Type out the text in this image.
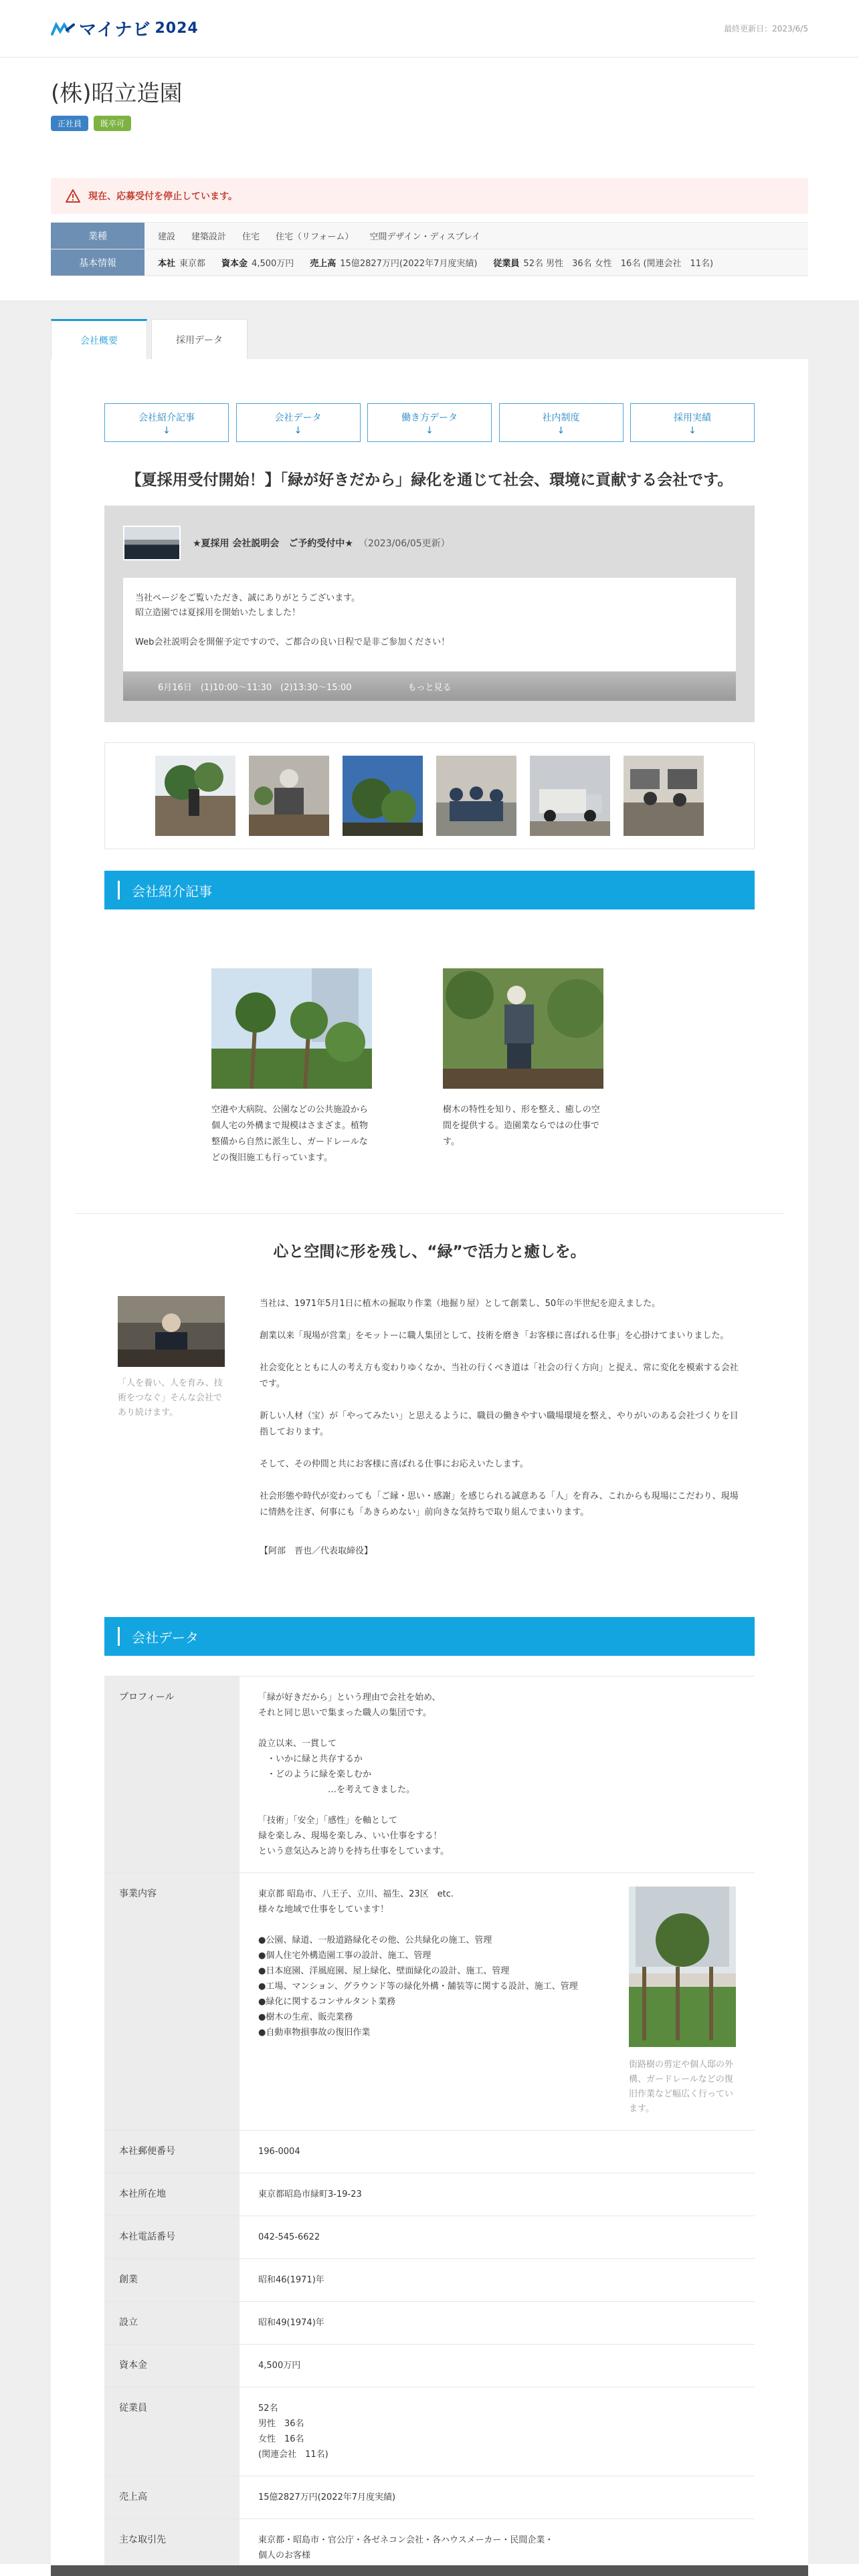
マイナビ 2024	最終更新日：2023/6/5
(株)昭立造園
正社員	既卒可
現在、応募受付を停止しています。
業種	建設 建築設計 住宅 住宅（リフォーム） 空間デザイン・ディスプレイ
基本情報	本社 東京都 資本金 4,500万円 売上高 15億2827万円(2022年7月度実績) 従業員 52名 男性　36名 女性　16名 (関連会社　11名)
会社概要	採用データ
会社紹介記事
↓
会社データ
↓
働き方データ
↓
社内制度
↓
採用実績
↓
【夏採用受付開始！】「緑が好きだから」緑化を通じて社会、環境に貢献する会社です。
★夏採用 会社説明会　ご予約受付中★ （2023/06/05更新）
当社ページをご覧いただき、誠にありがとうございます。
昭立造園では夏採用を開始いたしました！
Web会社説明会を開催予定ですので、ご都合の良い日程で是非ご参加ください！
6月16日　(1)10:00〜11:30　(2)13:30〜15:00	もっと見る
会社紹介記事
空港や大病院、公園などの公共施設から個人宅の外構まで規模はさまざま。植物整備から自然に派生し、ガードレールなどの復旧施工も行っています。
樹木の特性を知り、形を整え、癒しの空間を提供する。造園業ならではの仕事です。
心と空間に形を残し、“緑”で活力と癒しを。
「人を養い、人を育み、技術をつなぐ」そんな会社であり続けます。

当社は、1971年5月1日に植木の掘取り作業（地掘り屋）として創業し、50年の半世紀を迎えました。

創業以来「現場が営業」をモットーに職人集団として、技術を磨き「お客様に喜ばれる仕事」を心掛けてまいりました。

社会変化とともに人の考え方も変わりゆくなか、当社の行くべき道は「社会の行く方向」と捉え、常に変化を模索する会社です。

新しい人材（宝）が「やってみたい」と思えるように、職員の働きやすい職場環境を整え、やりがいのある会社づくりを目指しております。

そして、その仲間と共にお客様に喜ばれる仕事にお応えいたします。

社会形態や時代が変わっても「ご縁・思い・感謝」を感じられる誠意ある「人」を育み、これからも現場にこだわり、現場に情熱を注ぎ、何事にも「あきらめない」前向きな気持ちで取り組んでまいります。

【阿部　晋也／代表取締役】

会社データ
プロフィール	「緑が好きだから」という理由で会社を始め、
それと同じ思いで集まった職人の集団です。

設立以来、一貫して
　・いかに緑と共存するか
　・どのように緑を楽しむか
　　　　　　　　…を考えてきました。

「技術」「安全」「感性」を軸として
緑を楽しみ、現場を楽しみ、いい仕事をする！
という意気込みと誇りを持ち仕事をしています。
事業内容	東京都 昭島市、八王子、立川、福生、23区　etc.
様々な地域で仕事をしています！

●公園、緑道、一般道路緑化その他、公共緑化の施工、管理
●個人住宅外構造園工事の設計、施工、管理
●日本庭園、洋風庭園、屋上緑化、壁面緑化の設計、施工、管理
●工場、マンション、グラウンド等の緑化外構・舗装等に関する設計、施工、管理
●緑化に関するコンサルタント業務
●樹木の生産、販売業務
●自動車物損事故の復旧作業
街路樹の剪定や個人邸の外構、ガードレールなどの復旧作業など幅広く行っています。
本社郵便番号	196-0004
本社所在地	東京都昭島市緑町3-19-23
本社電話番号	042-545-6622
創業	昭和46(1971)年
設立	昭和49(1974)年
資本金	4,500万円
従業員	52名
男性　36名
女性　16名
(関連会社　11名)
売上高	15億2827万円(2022年7月度実績)
主な取引先	東京都・昭島市・官公庁・各ゼネコン会社・各ハウスメーカー・民間企業・
個人のお客様
